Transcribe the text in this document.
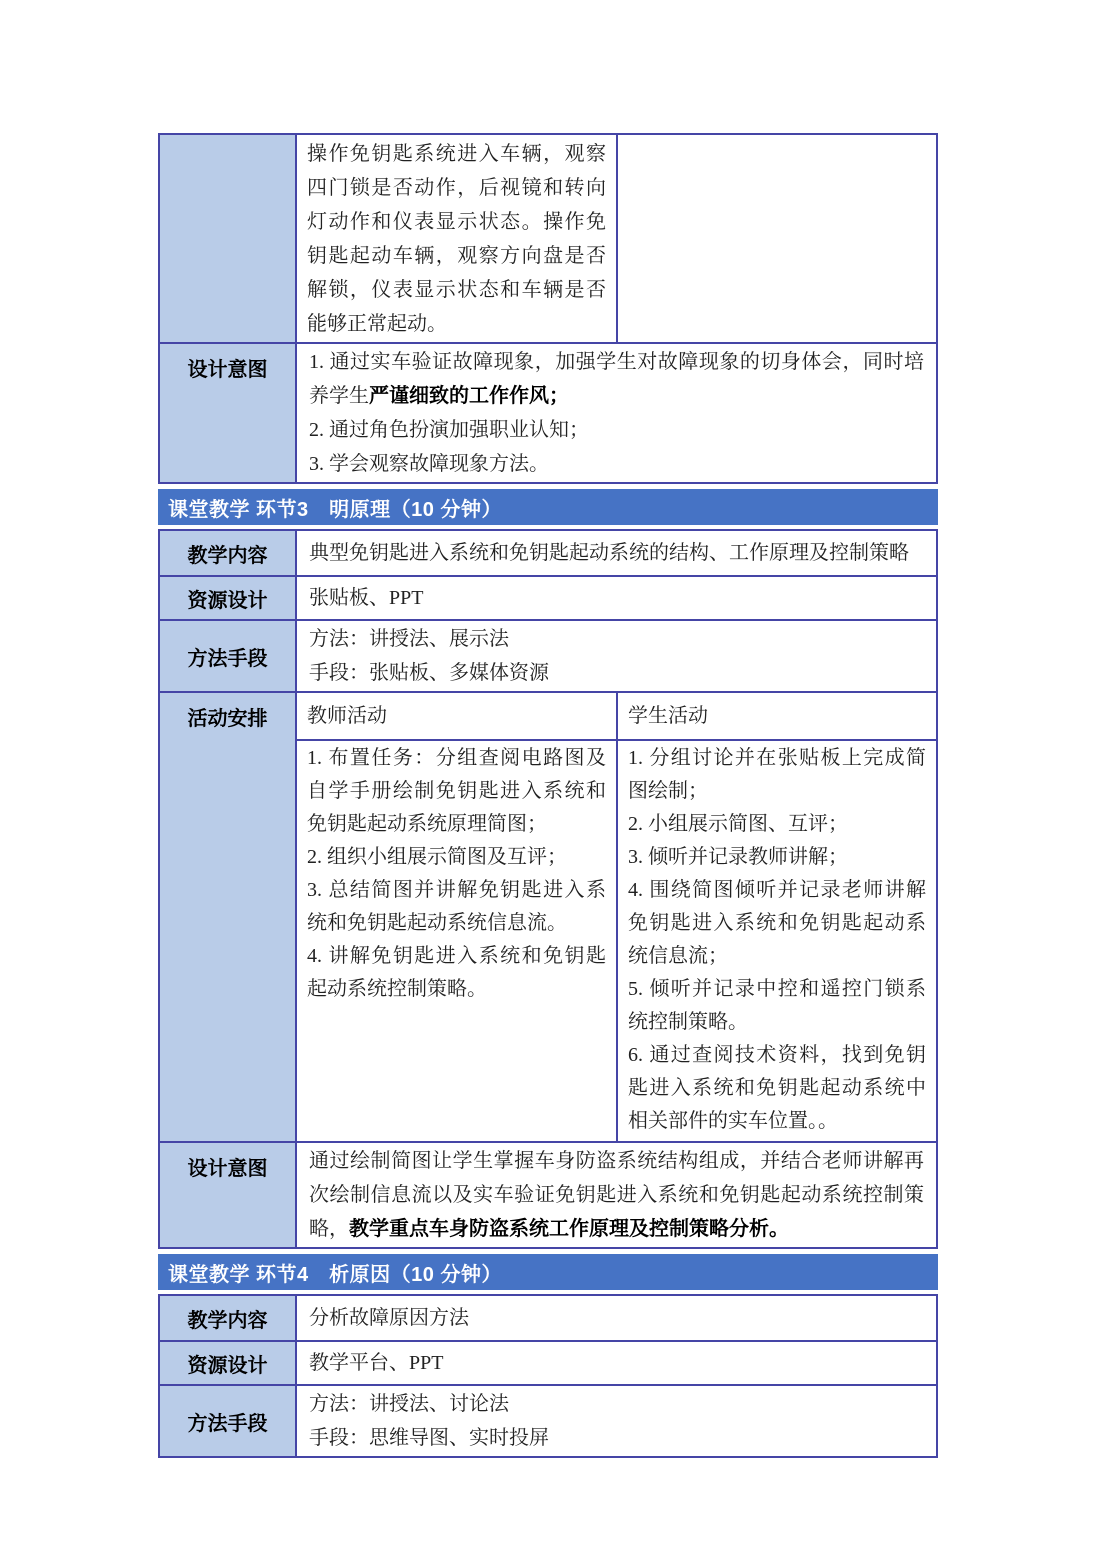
操作免钥匙系统进入车辆，观察四门锁是否动作，后视镜和转向灯动作和仪表显示状态。操作免钥匙起动车辆，观察方向盘是否解锁，仪表显示状态和车辆是否能够正常起动。

设计意图 1. 通过实车验证故障现象，加强学生对故障现象的切身体会，同时培养学生严谨细致的工作作风；

2. 通过角色扮演加强职业认知；

3. 学会观察故障现象方法。

课堂教学 环节3　明原理（10 分钟）
教学内容 典型免钥匙进入系统和免钥匙起动系统的结构、工作原理及控制策略

资源设计 张贴板、PPT

方法手段

方法：讲授法、展示法

手段：张贴板、多媒体资源

活动安排 教师活动	学生活动

1. 布置任务：分组查阅电路图及自学手册绘制免钥匙进入系统和免钥匙起动系统原理简图；

2. 组织小组展示简图及互评；

3. 总结简图并讲解免钥匙进入系统和免钥匙起动系统信息流。

4. 讲解免钥匙进入系统和免钥匙起动系统控制策略。

1. 分组讨论并在张贴板上完成简图绘制；

2. 小组展示简图、互评；

3. 倾听并记录教师讲解；

4. 围绕简图倾听并记录老师讲解免钥匙进入系统和免钥匙起动系统信息流；

5. 倾听并记录中控和遥控门锁系统控制策略。

6. 通过查阅技术资料，找到免钥匙进入系统和免钥匙起动系统中相关部件的实车位置。。

设计意图 通过绘制简图让学生掌握车身防盗系统结构组成，并结合老师讲解再次绘制信息流以及实车验证免钥匙进入系统和免钥匙起动系统控制策略，教学重点车身防盗系统工作原理及控制策略分析。

课堂教学 环节4　析原因（10 分钟）
教学内容 分析故障原因方法

资源设计 教学平台、PPT

方法手段

方法：讲授法、讨论法

手段：思维导图、实时投屏
